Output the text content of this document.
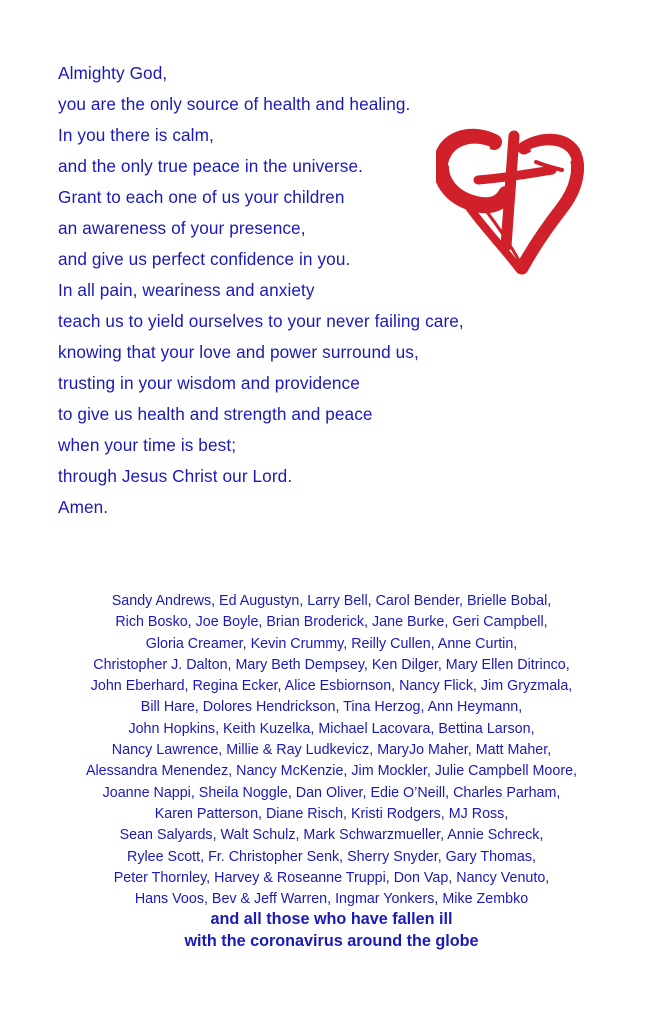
Almighty God,
you are the only source of health and healing.
In you there is calm,
and the only true peace in the universe.
Grant to each one of us your children
an awareness of your presence,
and give us perfect confidence in you.
In all pain, weariness and anxiety
teach us to yield ourselves to your never failing care,
knowing that your love and power surround us,
trusting in your wisdom and providence
to give us health and strength and peace
when your time is best;
through Jesus Christ our Lord.
Amen.
Sandy Andrews, Ed Augustyn, Larry Bell, Carol Bender, Brielle Bobal,
Rich Bosko, Joe Boyle, Brian Broderick, Jane Burke, Geri Campbell,
Gloria Creamer, Kevin Crummy, Reilly Cullen, Anne Curtin,
Christopher J. Dalton, Mary Beth Dempsey, Ken Dilger, Mary Ellen Ditrinco,
John Eberhard, Regina Ecker, Alice Esbiornson, Nancy Flick, Jim Gryzmala,
Bill Hare, Dolores Hendrickson, Tina Herzog, Ann Heymann,
John Hopkins, Keith Kuzelka, Michael Lacovara, Bettina Larson,
Nancy Lawrence, Millie & Ray Ludkevicz, MaryJo Maher, Matt Maher,
Alessandra Menendez, Nancy McKenzie, Jim Mockler, Julie Campbell Moore,
Joanne Nappi, Sheila Noggle, Dan Oliver, Edie O’Neill, Charles Parham,
Karen Patterson, Diane Risch, Kristi Rodgers, MJ Ross,
Sean Salyards, Walt Schulz, Mark Schwarzmueller, Annie Schreck,
Rylee Scott, Fr. Christopher Senk, Sherry Snyder, Gary Thomas,
Peter Thornley, Harvey & Roseanne Truppi, Don Vap, Nancy Venuto,
Hans Voos, Bev & Jeff Warren, Ingmar Yonkers, Mike Zembko
and all those who have fallen ill
with the coronavirus around the globe
